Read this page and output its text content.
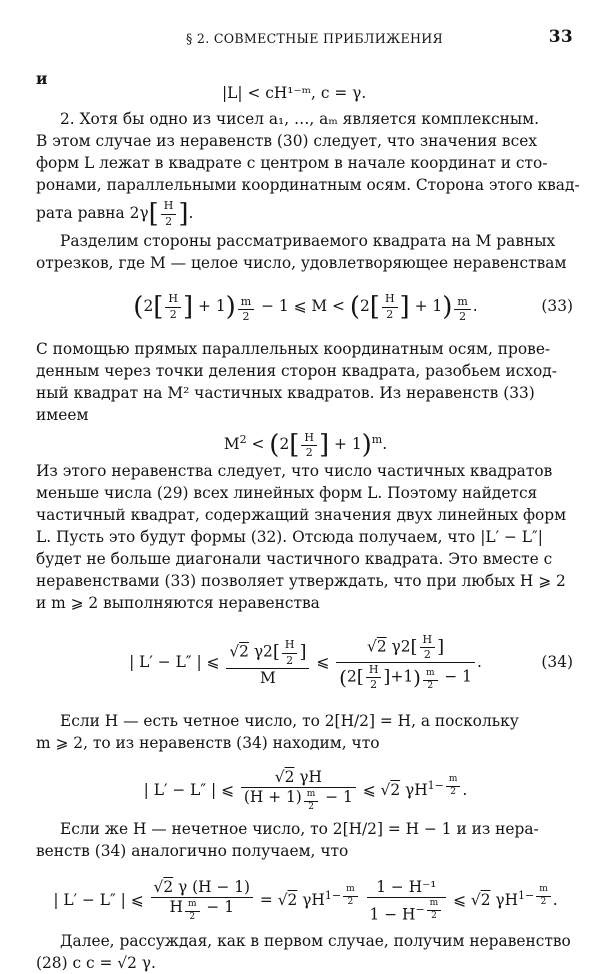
§ 2. СОВМЕСТНЫЕ ПРИБЛИЖЕНИЯ	33
и
|L| < cH¹⁻ᵐ, c = γ.

2. Хотя бы одно из чисел a₁, …, aₘ является комплексным.

В этом случае из неравенств (30) следует, что значения всех

форм L лежат в квадрате с центром в начале координат и сто-

ронами, параллельными координатным осям. Сторона этого квад-

рата равна $2\gamma[ \frac{H}{2}$ ].

Разделим стороны рассматриваемого квадрата на M равных

отрезков, где M — целое число, удовлетворяющее неравенствам

($2[ \frac{H}{2}$ ] + $1) \frac{m}{2} - 1$ ⩽ $M < (2[ \frac{H}{2}$ ] + $1) \frac{m}{2}$ .	(33)

С помощью прямых параллельных координатным осям, прове-

денным через точки деления сторон квадрата, разобьем исход-

ный квадрат на M² частичных квадратов. Из неравенств (33)

имеем

$M^2 < (2[ \frac{H}{2}$ ] + 1)$^m$.

Из этого неравенства следует, что число частичных квадратов

меньше числа (29) всех линейных форм L. Поэтому найдется

частичный квадрат, содержащий значения двух линейных форм

L. Пусть это будут формы (32). Отсюда получаем, что |L′ − L″|

будет не больше диагонали частичного квадрата. Это вместе с

неравенствами (33) позволяет утверждать, что при любых H ⩾ 2

и m ⩾ 2 выполняются неравенства

| L′ − L″ | ⩽ $\frac{√2 \gamma 2[ \frac{H}{2} ]}{M}$ ⩽ $\frac{√2 \gamma 2[ \frac{H}{2} ]}{(2[ \frac{H}{2} ]+1) \frac{m}{2} - 1}$ .	(34)

Если H — есть четное число, то 2[H/2] = H, а поскольку

m ⩾ 2, то из неравенств (34) находим, что

| L′ − L″ | ⩽ $\frac{√2 \gamma H}{(H + 1) \frac{m}{2} - 1}$ ⩽ √2 $\gamma H^{1- \frac{m}{2}}$ .

Если же H — нечетное число, то 2[H/2] = H − 1 и из нера-

венств (34) аналогично получаем, что

| L′ − L″ | ⩽ $\frac{√2 \gamma (H - 1)}{H \frac{m}{2} - 1} = √2$ $\gamma H^{1- \frac{m}{2}}$
1 − H⁻¹
$1 - H^{- \frac{m}{2}}$ ⩽ √2 $\gamma H^{1- \frac{m}{2}}$ .

Далее, рассуждая, как в первом случае, получим неравенство

(28) с c = √2 γ.
